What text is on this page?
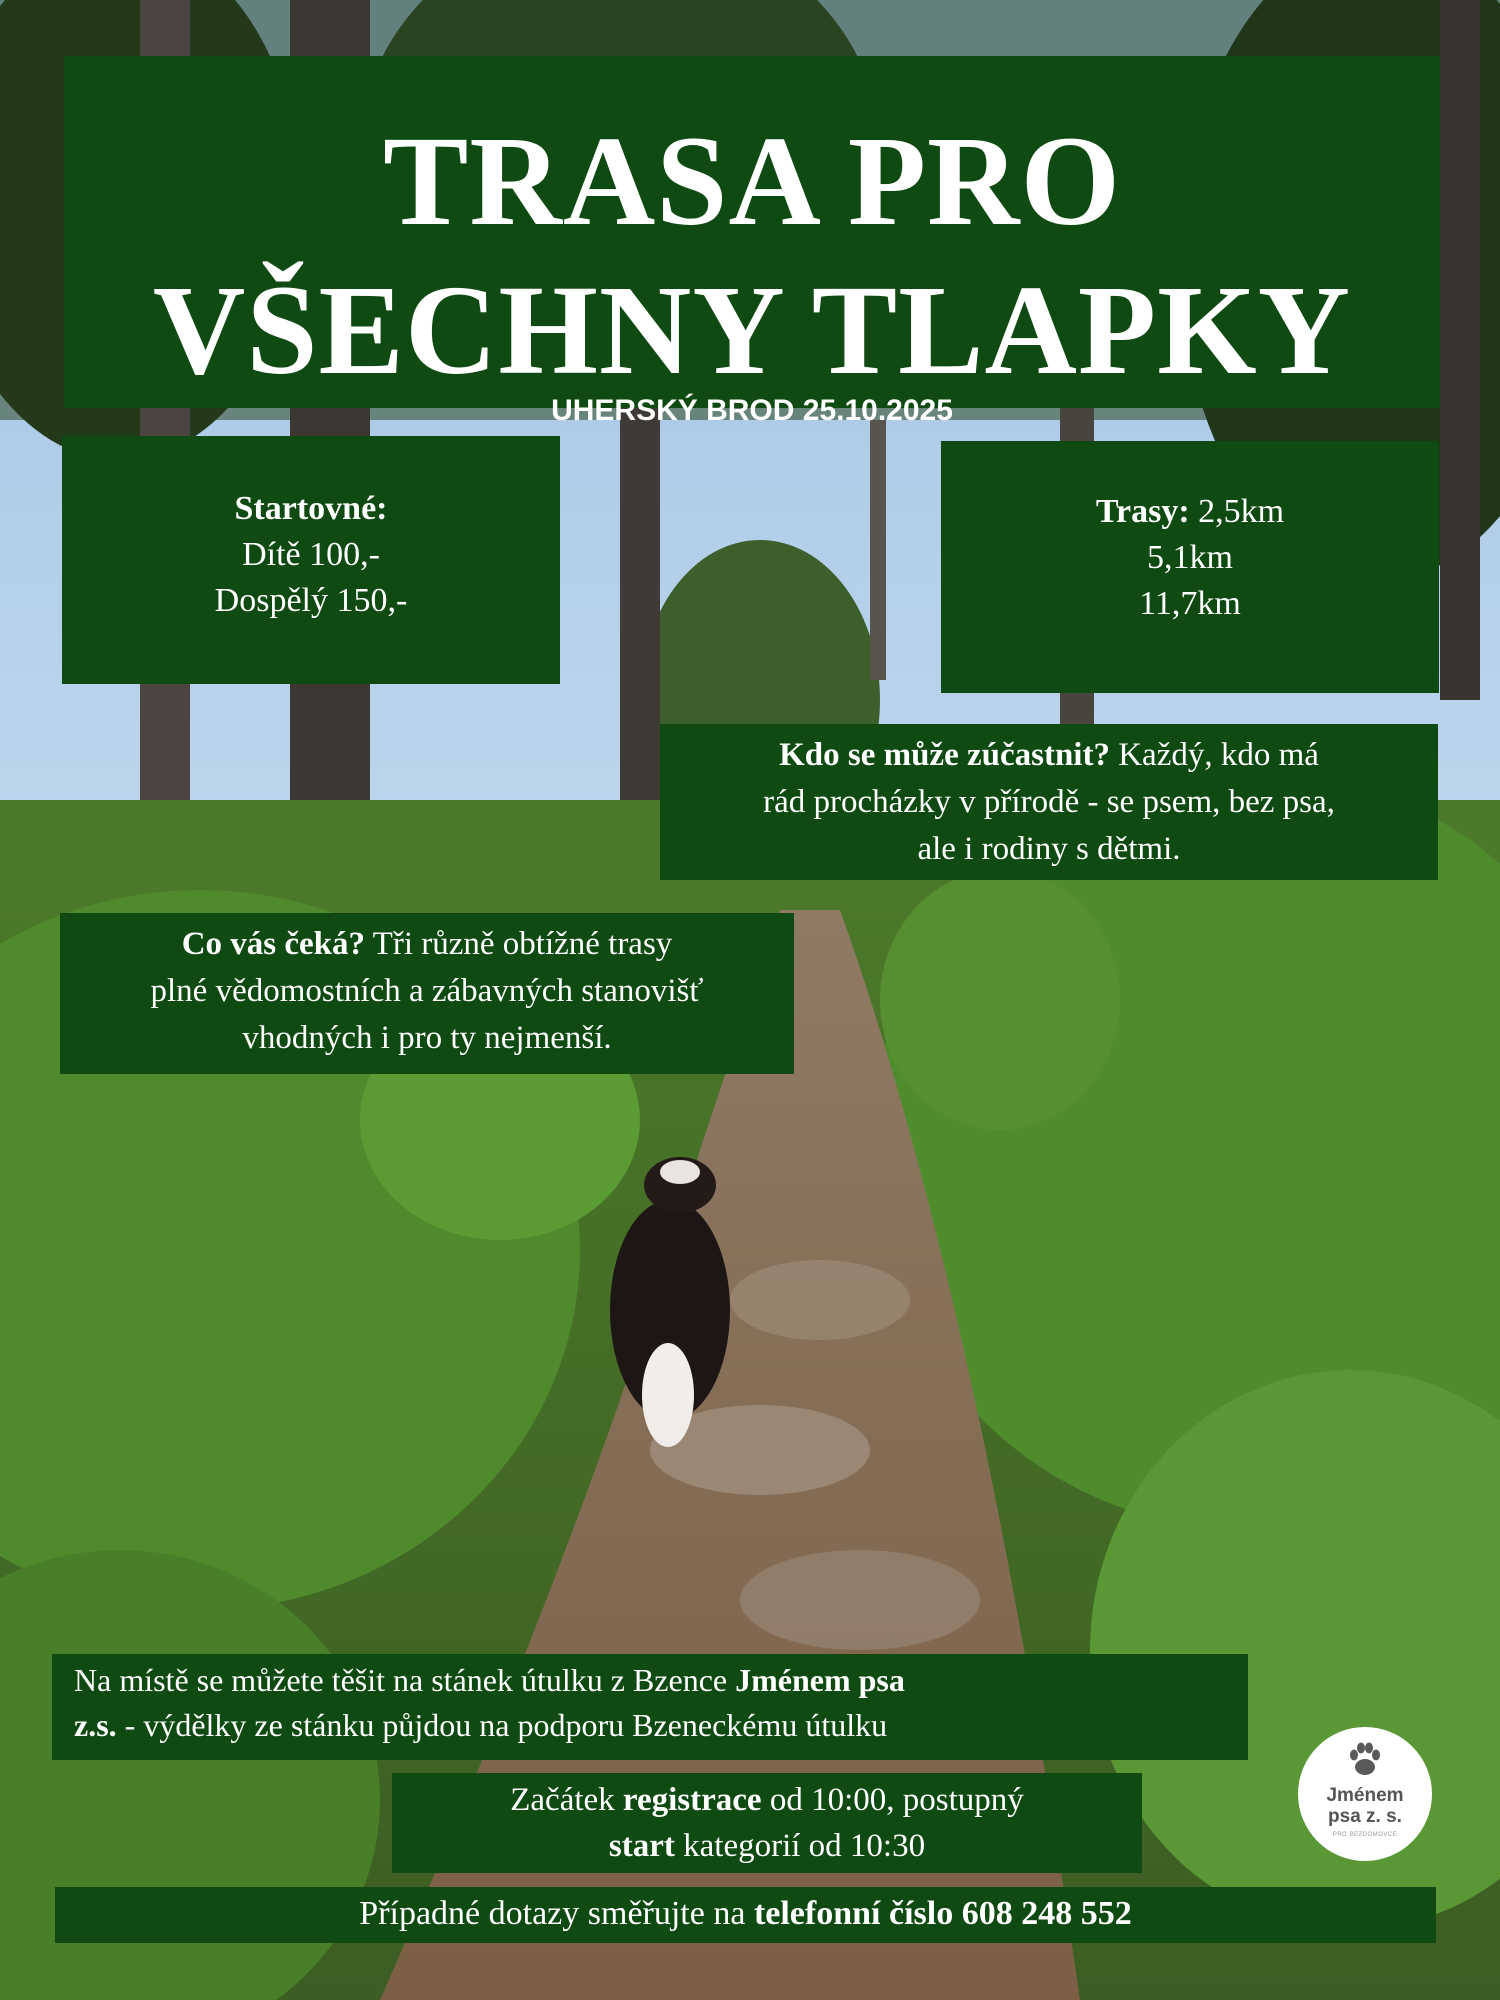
TRASA PRO
VŠECHNY TLAPKY
UHERSKÝ BROD 25.10.2025
Startovné:
Dítě 100,-
Dospělý 150,-
Trasy: 2,5km
5,1km
11,7km
Kdo se může zúčastnit? Každý, kdo má
rád procházky v přírodě - se psem, bez psa,
ale i rodiny s dětmi.
Co vás čeká? Tři různě obtížné trasy
plné vědomostních a zábavných stanovišť
vhodných i pro ty nejmenší.
Na místě se můžete těšit na stánek útulku z Bzence Jménem psa
z.s. - výdělky ze stánku půjdou na podporu Bzeneckému útulku
Začátek registrace od 10:00, postupný
start kategorií od 10:30
Případné dotazy směřujte na telefonní číslo 608 248 552
Jménem
psa z. s.
PRO BEZDOMOVCE
